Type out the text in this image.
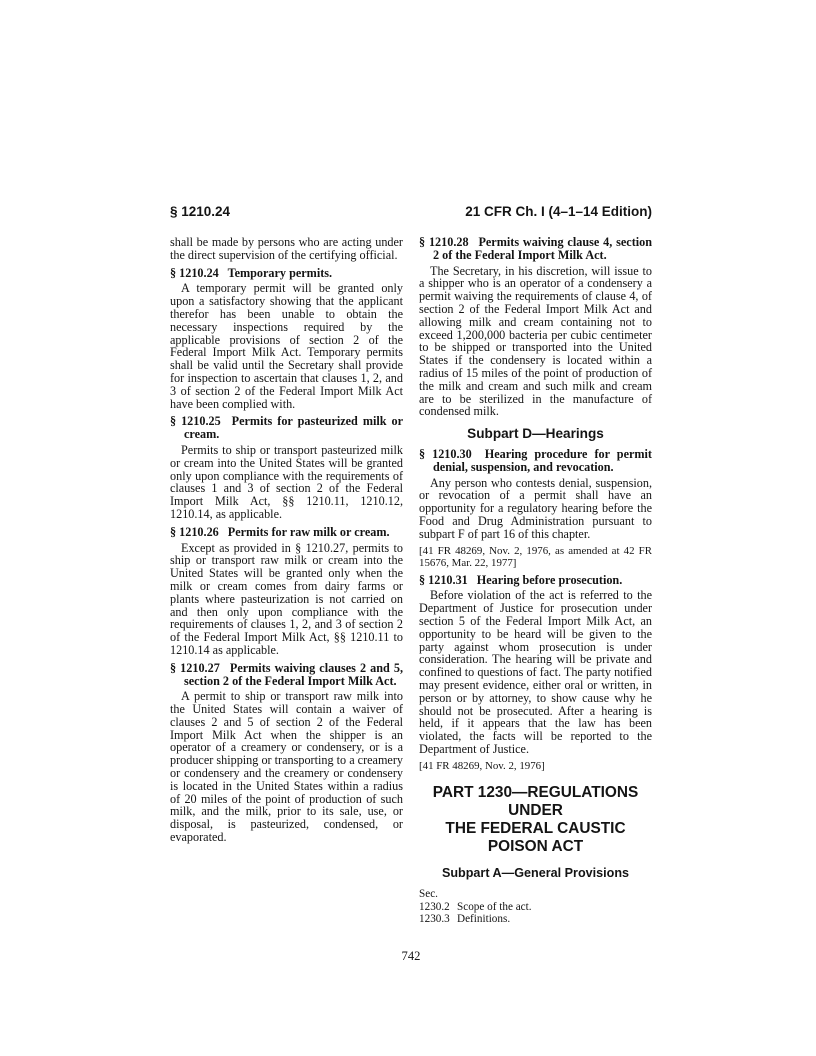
§ 1210.24	21 CFR Ch. I (4–1–14 Edition)

shall be made by persons who are acting under the direct supervision of the certifying official.

§ 1210.24 Temporary permits.

A temporary permit will be granted only upon a satisfactory showing that the applicant therefor has been unable to obtain the necessary inspections required by the applicable provisions of section 2 of the Federal Import Milk Act. Temporary permits shall be valid until the Secretary shall provide for inspection to ascertain that clauses 1, 2, and 3 of section 2 of the Federal Import Milk Act have been complied with.

§ 1210.25 Permits for pasteurized milk or cream.

Permits to ship or transport pasteurized milk or cream into the United States will be granted only upon compliance with the requirements of clauses 1 and 3 of section 2 of the Federal Import Milk Act, §§ 1210.11, 1210.12, 1210.14, as applicable.

§ 1210.26 Permits for raw milk or cream.

Except as provided in § 1210.27, permits to ship or transport raw milk or cream into the United States will be granted only when the milk or cream comes from dairy farms or plants where pasteurization is not carried on and then only upon compliance with the requirements of clauses 1, 2, and 3 of section 2 of the Federal Import Milk Act, §§ 1210.11 to 1210.14 as applicable.

§ 1210.27 Permits waiving clauses 2 and 5, section 2 of the Federal Import Milk Act.

A permit to ship or transport raw milk into the United States will contain a waiver of clauses 2 and 5 of section 2 of the Federal Import Milk Act when the shipper is an operator of a creamery or condensery, or is a producer shipping or transporting to a creamery or condensery and the creamery or condensery is located in the United States within a radius of 20 miles of the point of production of such milk, and the milk, prior to its sale, use, or disposal, is pasteurized, condensed, or evaporated.

§ 1210.28 Permits waiving clause 4, section 2 of the Federal Import Milk Act.

The Secretary, in his discretion, will issue to a shipper who is an operator of a condensery a permit waiving the requirements of clause 4, of section 2 of the Federal Import Milk Act and allowing milk and cream containing not to exceed 1,200,000 bacteria per cubic centimeter to be shipped or transported into the United States if the condensery is located within a radius of 15 miles of the point of production of the milk and cream and such milk and cream are to be sterilized in the manufacture of condensed milk.

Subpart D—Hearings

§ 1210.30 Hearing procedure for permit denial, suspension, and revocation.

Any person who contests denial, suspension, or revocation of a permit shall have an opportunity for a regulatory hearing before the Food and Drug Administration pursuant to subpart F of part 16 of this chapter.

[41 FR 48269, Nov. 2, 1976, as amended at 42 FR 15676, Mar. 22, 1977]

§ 1210.31 Hearing before prosecution.

Before violation of the act is referred to the Department of Justice for prosecution under section 5 of the Federal Import Milk Act, an opportunity to be heard will be given to the party against whom prosecution is under consideration. The hearing will be private and confined to questions of fact. The party notified may present evidence, either oral or written, in person or by attorney, to show cause why he should not be prosecuted. After a hearing is held, if it appears that the law has been violated, the facts will be reported to the Department of Justice.

[41 FR 48269, Nov. 2, 1976]

PART 1230—REGULATIONS UNDER
THE FEDERAL CAUSTIC POISON ACT

Subpart A—General Provisions

Sec.

1230.2 Scope of the act.

1230.3 Definitions.

742
